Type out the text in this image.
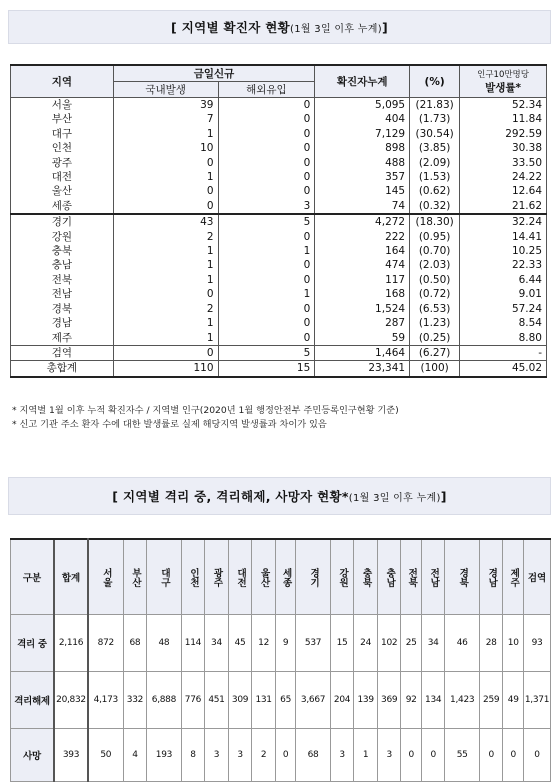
[ 지역별 확진자 현황 (1월 3일 이후 누계) ]
지역	금일신규		확진자누계	(%)	인구10만명당
발생률*

	국내발생	해외유입			
서울	39	0	5,095	(21.83)	52.34
부산	7	0	404	(1.73)	11.84
대구	1	0	7,129	(30.54)	292.59
인천	10	0	898	(3.85)	30.38
광주	0	0	488	(2.09)	33.50
대전	1	0	357	(1.53)	24.22
울산	0	0	145	(0.62)	12.64
세종	0	3	74	(0.32)	21.62
경기	43	5	4,272	(18.30)	32.24
강원	2	0	222	(0.95)	14.41
충북	1	1	164	(0.70)	10.25
충남	1	0	474	(2.03)	22.33
전북	1	0	117	(0.50)	6.44
전남	0	1	168	(0.72)	9.01
경북	2	0	1,524	(6.53)	57.24
경남	1	0	287	(1.23)	8.54
제주	1	0	59	(0.25)	8.80
검역	0	5	1,464	(6.27)	-
총합계	110	15	23,341	(100)	45.02
* 지역별 1월 이후 누적 확진자수 / 지역별 인구(2020년 1월 행정안전부 주민등록인구현황 기준)
* 신고 기관 주소 환자 수에 대한 발생률로 실제 해당지역 발생률과 차이가 있음
[ 지역별 격리 중, 격리해제, 사망자 현황* (1월 3일 이후 누계) ]
구분	합계	서울	부산	대구	인천	광주	대전	울산	세종	경기	강원	충북	충남	전북	전남	경북	경남	제주	검역
격리 중	2,116	872	68	48	114	34	45	12	9	537	15	24	102	25	34	46	28	10	93
격리해제	20,832	4,173	332	6,888	776	451	309	131	65	3,667	204	139	369	92	134	1,423	259	49	1,371
사망	393	50	4	193	8	3	3	2	0	68	3	1	3	0	0	55	0	0	0
